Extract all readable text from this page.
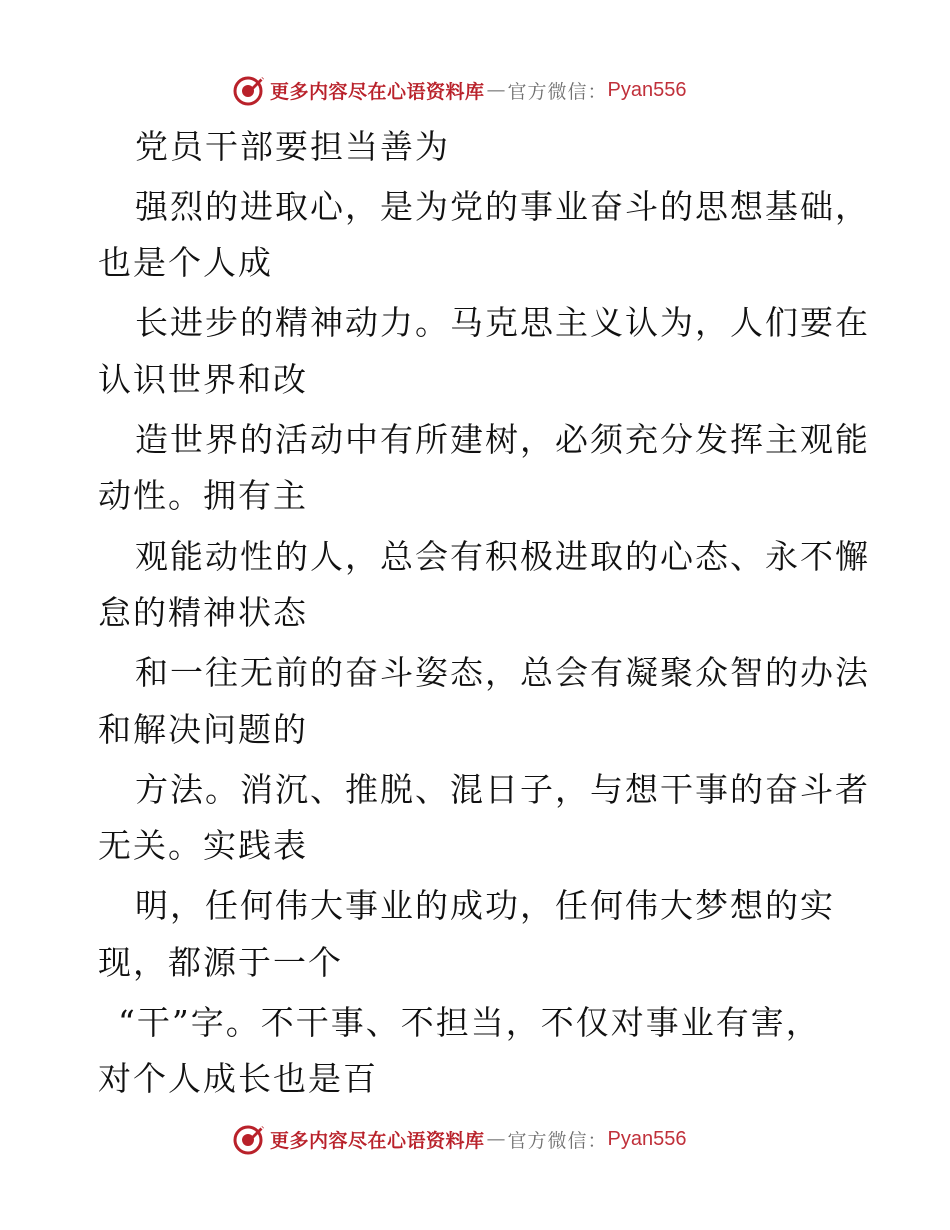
更多内容尽在心语资料库 — 官方微信： Pyan556
党员干部要担当善为
强烈的进取心，是为党的事业奋斗的思想基础，
也是个人成
长进步的精神动力。马克思主义认为，人们要在
认识世界和改
造世界的活动中有所建树，必须充分发挥主观能
动性。拥有主
观能动性的人，总会有积极进取的心态、永不懈
怠的精神状态
和一往无前的奋斗姿态，总会有凝聚众智的办法
和解决问题的
方法。消沉、推脱、混日子，与想干事的奋斗者
无关。实践表
明，任何伟大事业的成功，任何伟大梦想的实
现，都源于一个
“干”字。不干事、不担当，不仅对事业有害，
对个人成长也是百
更多内容尽在心语资料库 — 官方微信： Pyan556
